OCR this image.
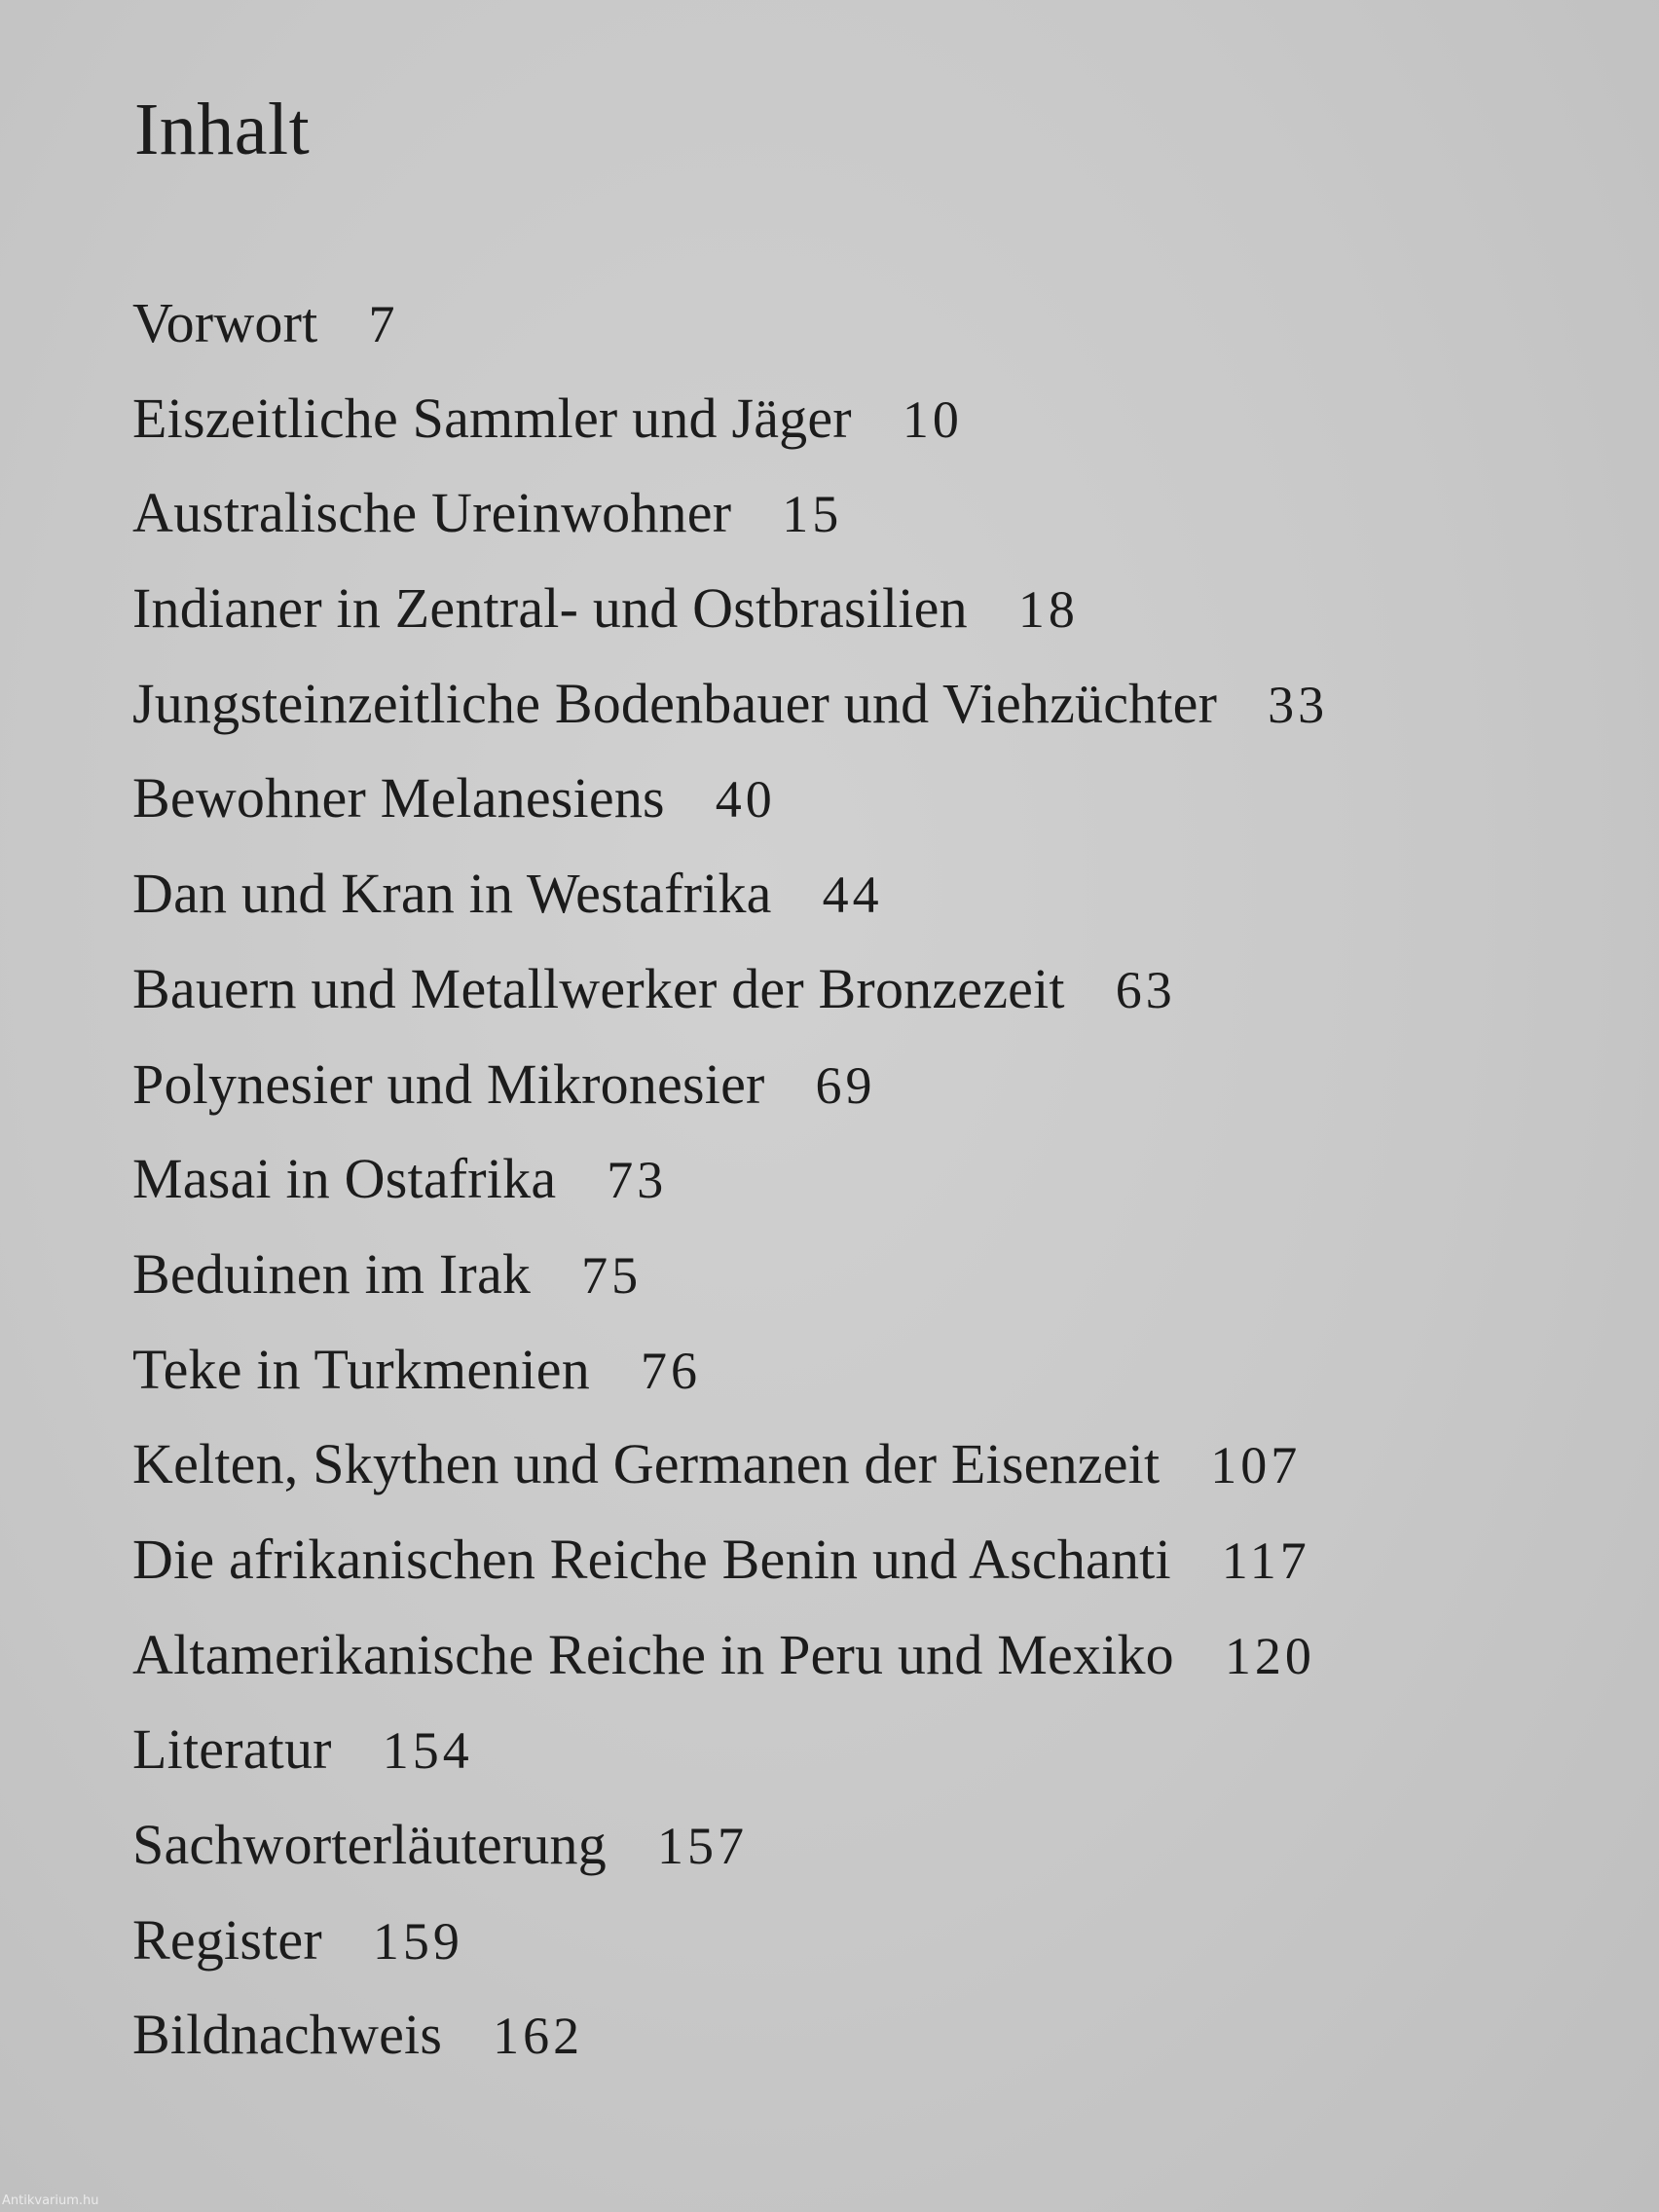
Inhalt
Vorwort 7
Eiszeitliche Sammler und Jäger 10
Australische Ureinwohner 15
Indianer in Zentral- und Ostbrasilien 18
Jungsteinzeitliche Bodenbauer und Viehzüchter 33
Bewohner Melanesiens 40
Dan und Kran in Westafrika 44
Bauern und Metallwerker der Bronzezeit 63
Polynesier und Mikronesier 69
Masai in Ostafrika 73
Beduinen im Irak 75
Teke in Turkmenien 76
Kelten, Skythen und Germanen der Eisenzeit 107
Die afrikanischen Reiche Benin und Aschanti 117
Altamerikanische Reiche in Peru und Mexiko 120
Literatur 154
Sachworterläuterung 157
Register 159
Bildnachweis 162
Antikvarium.hu
